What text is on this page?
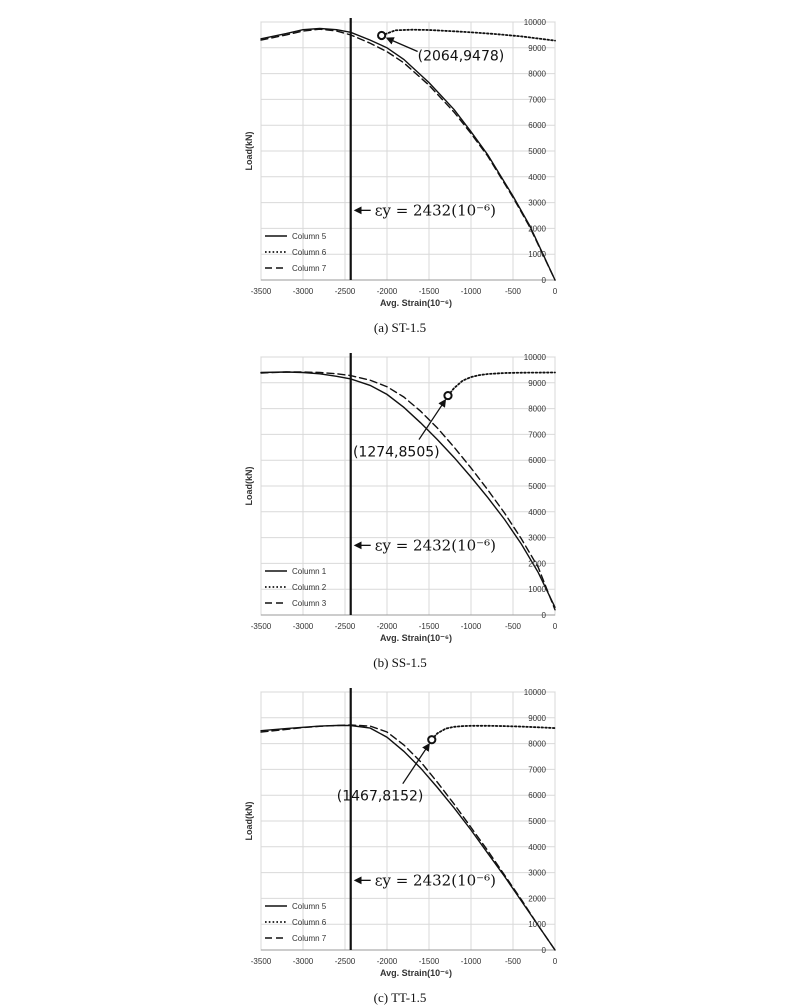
0
1000
2000
3000
4000
5000
6000
7000
8000
9000
10000
-3500	-3000	-2500	-2000	-1500	-1000	-500	0
Column 5
Column 6
Column 7
(2064,9478)
Avg. Strain(10⁻⁶)
Load(kN)
εy = 2432(10⁻⁶)
(a) ST-1.5
0
1000
2000
3000
4000
5000
6000
7000
8000
9000
10000
-3500	-3000	-2500	-2000	-1500	-1000	-500	0
Column 1
Column 2
Column 3
(1274,8505)
Avg. Strain(10⁻⁶)
Load(kN)
εy = 2432(10⁻⁶)
(b) SS-1.5
0
1000
2000
3000
4000
5000
6000
7000
8000
9000
10000
-3500	-3000	-2500	-2000	-1500	-1000	-500	0
Column 5
Column 6
Column 7
(1467,8152)
Avg. Strain(10⁻⁶)
Load(kN)
εy = 2432(10⁻⁶)
(c) TT-1.5
